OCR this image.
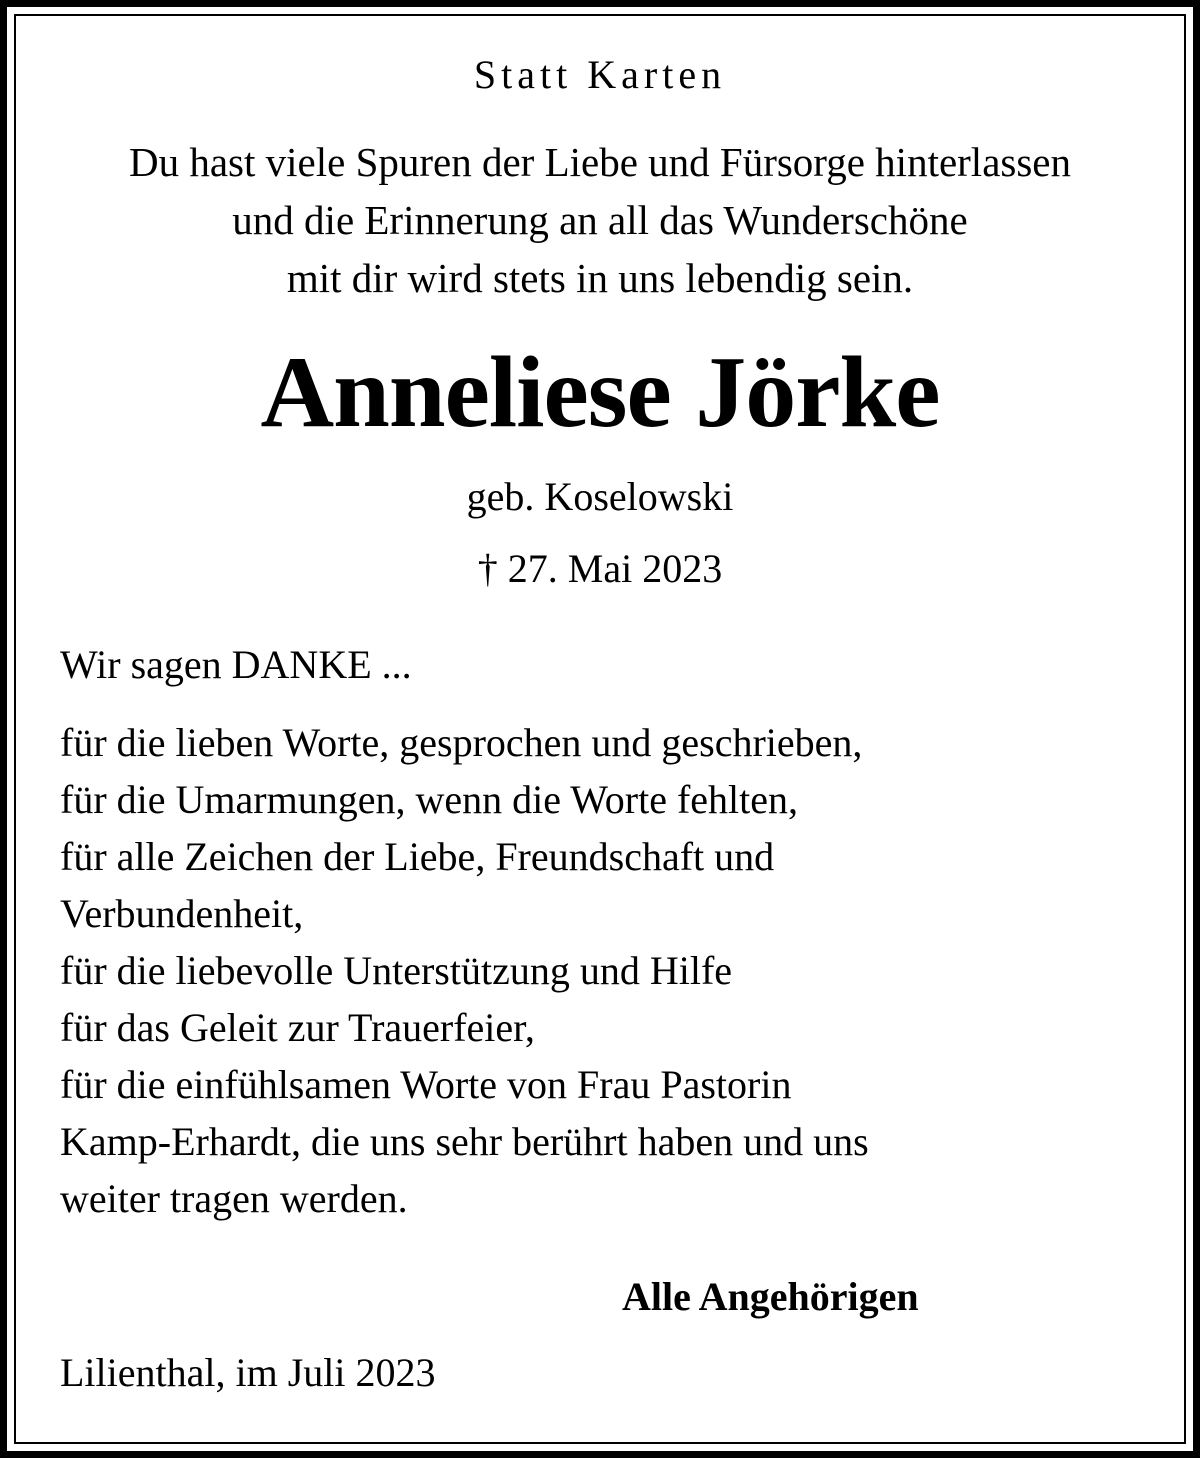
Statt Karten
Du hast viele Spuren der Liebe und Fürsorge hinterlassen
und die Erinnerung an all das Wunderschöne
mit dir wird stets in uns lebendig sein.
Anneliese Jörke
geb. Koselowski
† 27. Mai 2023
Wir sagen DANKE ...
für die lieben Worte, gesprochen und geschrieben,
für die Umarmungen, wenn die Worte fehlten,
für alle Zeichen der Liebe, Freundschaft und
Verbundenheit,
für die liebevolle Unterstützung und Hilfe
für das Geleit zur Trauerfeier,
für die einfühlsamen Worte von Frau Pastorin
Kamp-Erhardt, die uns sehr berührt haben und uns
weiter tragen werden.
Alle Angehörigen
Lilienthal, im Juli 2023
